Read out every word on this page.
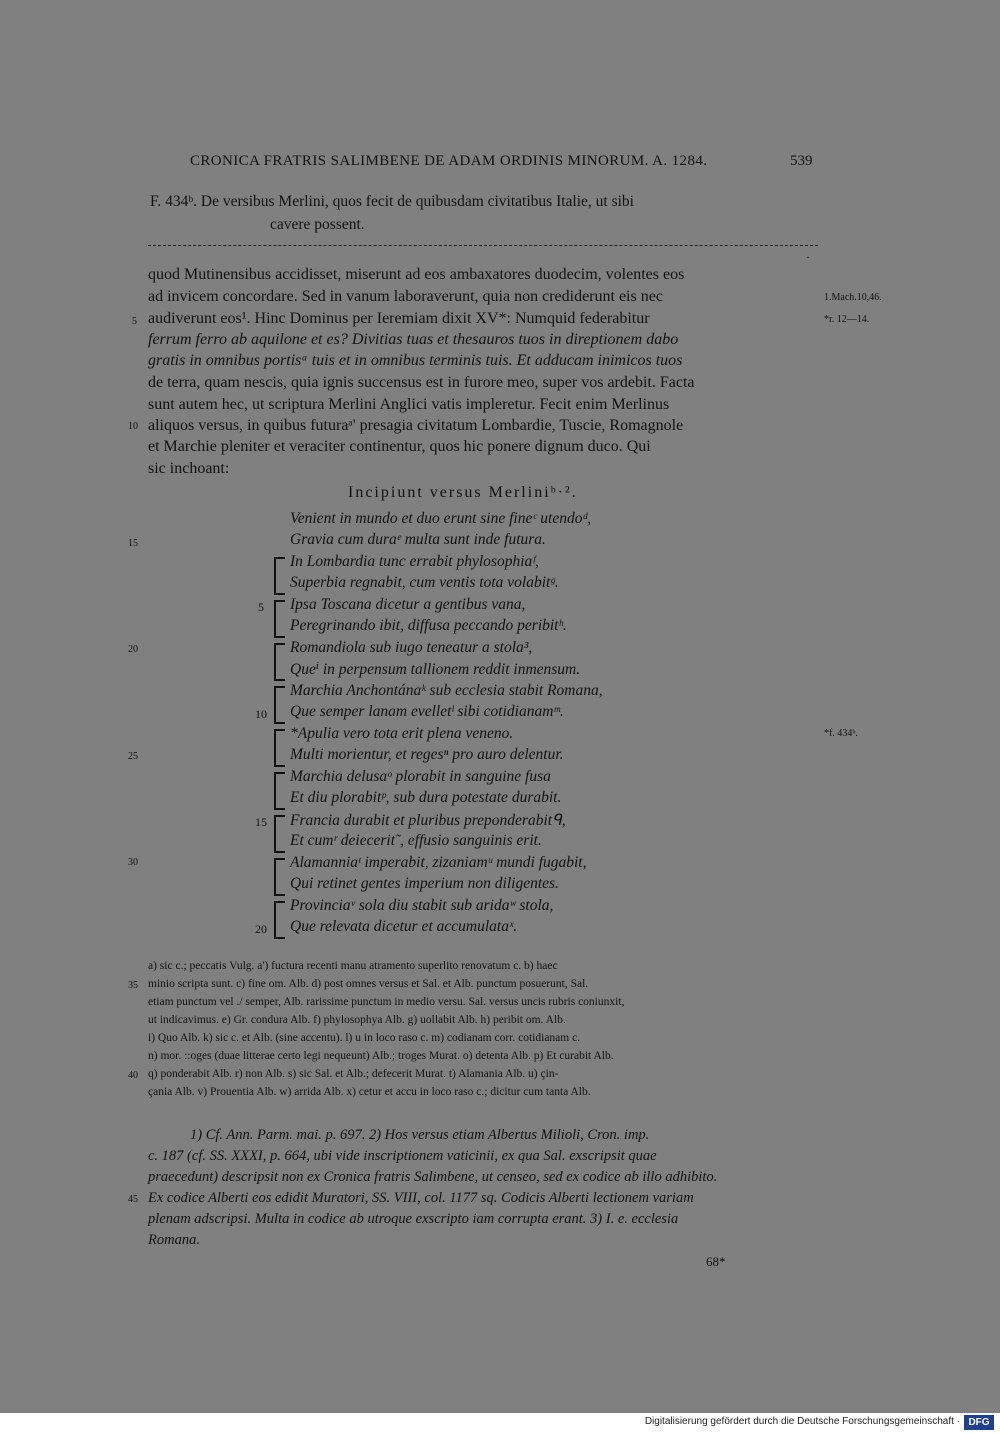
CRONICA FRATRIS SALIMBENE DE ADAM ORDINIS MINORUM. A. 1284.	539
F. 434ᵇ. De versibus Merlini, quos fecit de quibusdam civitatibus Italie, ut sibi
cavere possent.
·
quod Mutinensibus accidisset, miserunt ad eos ambaxatores duodecim, volentes eos
ad invicem concordare. Sed in vanum laboraverunt, quia non crediderunt eis nec
audiverunt eos¹. Hinc Dominus per Ieremiam dixit XV*: Numquid federabitur
ferrum ferro ab aquilone et es? Divitias tuas et thesauros tuos in direptionem dabo
gratis in omnibus portisᵃ tuis et in omnibus terminis tuis. Et adducam inimicos tuos
de terra, quam nescis, quia ignis succensus est in furore meo, super vos ardebit. Facta
sunt autem hec, ut scriptura Merlini Anglici vatis impleretur. Fecit enim Merlinus
aliquos versus, in quibus futuraᵃ' presagia civitatum Lombardie, Tuscie, Romagnole
et Marchie pleniter et veraciter continentur, quos hic ponere dignum duco. Qui
sic inchoant:
5
10
15
20
25
30
35
40
45
1.Mach.10,46.
*r. 12—14.
*f. 434ᵇ.
Incipiunt versus Merliniᵇ·².
Venient in mundo et duo erunt sine fineᶜ utendoᵈ,
Gravia cum duraᵉ multa sunt inde futura.
In Lombardia tunc errabit phylosophiaᶠ,
Superbia regnabit, cum ventis tota volabitᵍ.
Ipsa Toscana dicetur a gentibus vana,
Peregrinando ibit, diffusa peccando peribitʰ.
Romandiola sub iugo teneatur a stola³,
Queⁱ in perpensum tallionem reddit inmensum.
Marchia Anchontánaᵏ sub ecclesia stabit Romana,
Que semper lanam evelletˡ sibi cotidianamᵐ.
*Apulia vero tota erit plena veneno.
Multi morientur, et regesⁿ pro auro delentur.
Marchia delusaᵒ plorabit in sanguine fusa
Et diu plorabitᵖ, sub dura potestate durabit.
Francia durabit et pluribus preponderabitᑫ,
Et cumʳ deiecerit˜, effusio sanguinis erit.
Alamanniaᵗ imperabit, zizaniamᵘ mundi fugabit,
Qui retinet gentes imperium non diligentes.
Provinciaᵛ sola diu stabit sub aridaʷ stola,
Que relevata dicetur et accumulataˣ.
5
10
15
20
a) sic c.; peccatis Vulg. a') fuctura recenti manu atramento superlito renovatum c. b) haec
minio scripta sunt. c) fine om. Alb. d) post omnes versus et Sal. et Alb. punctum posuerunt, Sal.
etiam punctum vel ./ semper, Alb. rarissime punctum in medio versu. Sal. versus uncis rubris coniunxit,
ut indicavimus. e) Gr. condura Alb. f) phylosophya Alb. g) uollabit Alb. h) peribit om. Alb.
i) Quo Alb. k) sic c. et Alb. (sine accentu). l) u in loco raso c. m) codianam corr. cotidianam c.
n) mor. ::oges (duae litterae certo legi nequeunt) Alb.; troges Murat. o) detenta Alb. p) Et curabit Alb.
q) ponderabit Alb. r) non Alb. s) sic Sal. et Alb.; defecerit Murat. t) Alamania Alb. u) çin-
çania Alb. v) Prouentia Alb. w) arrida Alb. x) cetur et accu in loco raso c.; dicitur cum tanta Alb.
1) Cf. Ann. Parm. mai. p. 697. 2) Hos versus etiam Albertus Milioli, Cron. imp.
c. 187 (cf. SS. XXXI, p. 664, ubi vide inscriptionem vaticinii, ex qua Sal. exscripsit quae
praecedunt) descripsit non ex Cronica fratris Salimbene, ut censeo, sed ex codice ab illo adhibito.
Ex codice Alberti eos edidit Muratori, SS. VIII, col. 1177 sq. Codicis Alberti lectionem variam
plenam adscripsi. Multa in codice ab utroque exscripto iam corrupta erant. 3) I. e. ecclesia
Romana.
68*
Digitalisierung gefördert durch die Deutsche Forschungsgemeinschaft · DFG
